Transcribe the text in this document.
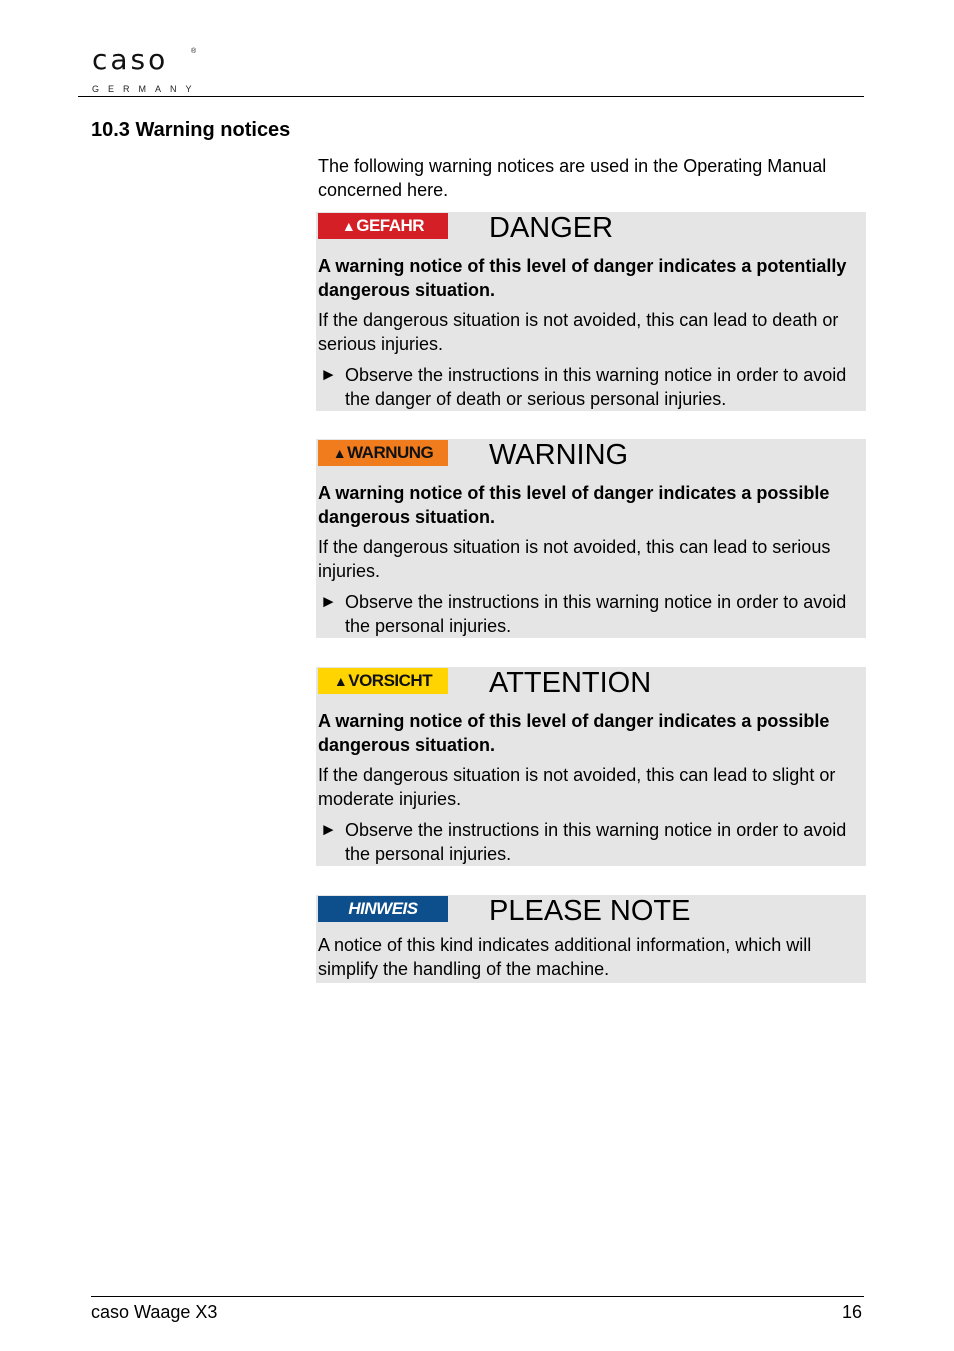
caso	®
GERMANY
10.3 Warning notices
The following warning notices are used in the Operating Manual concerned here.
▲ GEFAHR DANGER
A warning notice of this level of danger indicates a potentially dangerous situation.
If the dangerous situation is not avoided, this can lead to death or serious injuries.
► Observe the instructions in this warning notice in order to avoid the danger of death or serious personal injuries.
▲ WARNUNG WARNING
A warning notice of this level of danger indicates a possible dangerous situation.
If the dangerous situation is not avoided, this can lead to serious injuries.
► Observe the instructions in this warning notice in order to avoid the personal injuries.
▲ VORSICHT ATTENTION
A warning notice of this level of danger indicates a possible dangerous situation.
If the dangerous situation is not avoided, this can lead to slight or moderate injuries.
► Observe the instructions in this warning notice in order to avoid the personal injuries.
HINWEIS PLEASE NOTE
A notice of this kind indicates additional information, which will simplify the handling of the machine.
caso Waage X3	16
